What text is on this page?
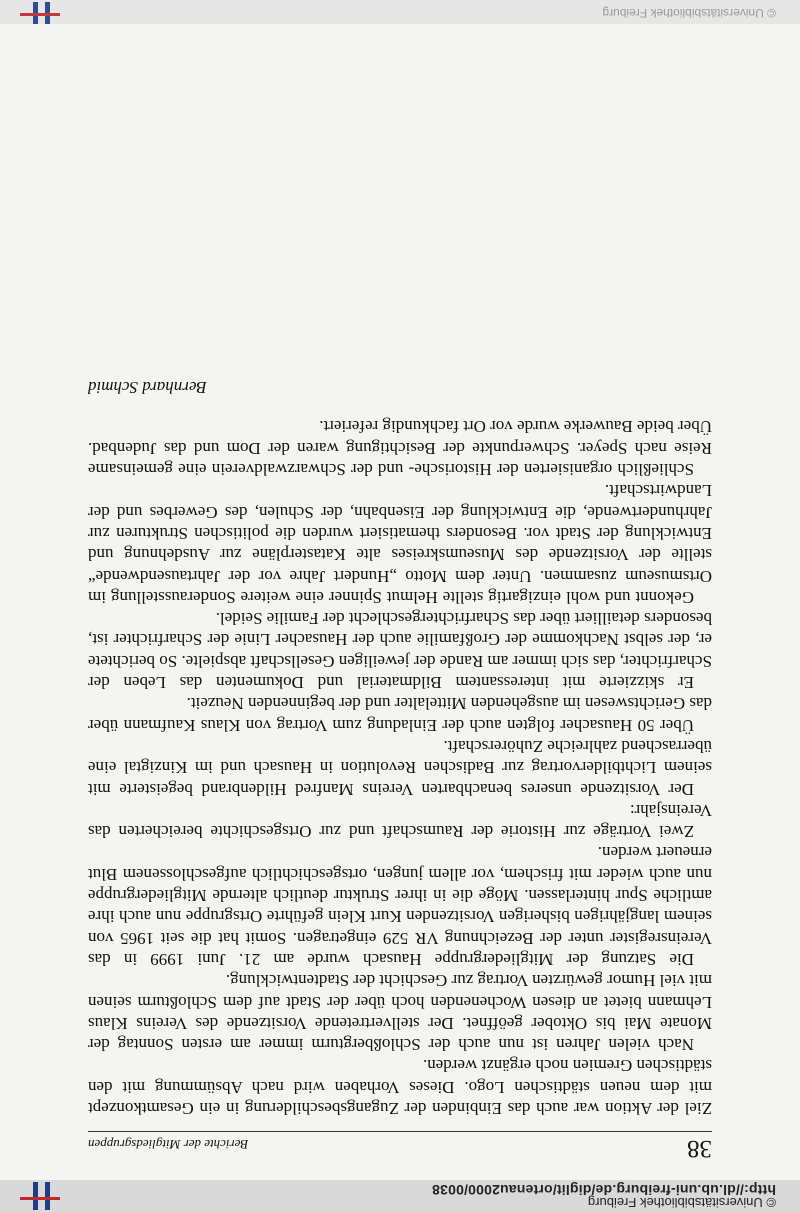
© Universitätsbibliothek Freiburg
http://dl.ub.uni-freiburg.de/diglit/ortenau2000/0038
38
Berichte der Mitgliedsgruppen

Ziel der Aktion war auch das Einbinden der Zugangsbeschilderung in ein Gesamtkonzept mit dem neuen städtischen Logo. Dieses Vorhaben wird nach Absümmung mit den städtischen Gremien noch ergänzt werden.

Nach vielen Jahren ist nun auch der Schloßbergturm immer am ersten Sonntag der Monate Mai bis Oktober geöffnet. Der stellvertretende Vorsitzende des Vereins Klaus Lehmann bietet an diesen Wochenenden hoch über der Stadt auf dem Schloßturm seinen mit viel Humor gewürzten Vortrag zur Geschicht der Stadtentwicklung.

Die Satzung der Mitgliedergruppe Hausach wurde am 21. Juni 1999 in das Vereinsregister unter der Bezeichnung VR 529 eingetragen. Somit hat die seit 1965 von seinem langjährigen bisherigen Vorsitzenden Kurt Klein geführte Ortsgruppe nun auch ihre amtliche Spur hinterlassen. Möge die in ihrer Struktur deutlich alternde Mitgliedergruppe nun auch wieder mit frischem, vor allem jungen, ortsgeschichtlich aufgeschlossenem Blut erneuert werden.

Zwei Vorträge zur Historie der Raumschaft und zur Ortsgeschichte bereicherten das Vereinsjahr:

Der Vorsitzende unseres benachbarten Vereins Manfred Hildenbrand begeisterte mit seinem Lichtbildervortrag zur Badischen Revolution in Hausach und im Kinzigtal eine überraschend zahlreiche Zuhörerschaft.

Über 50 Hausacher folgten auch der Einladung zum Vortrag von Klaus Kaufmann über das Gerichtswesen im ausgehenden Mittelalter und der beginnenden Neuzeit.

Er skizzierte mit interessantem Bildmaterial und Dokumenten das Leben der Scharfrichter, das sich immer am Rande der jeweiligen Gesellschaft abspielte. So berichtete er, der selbst Nachkomme der Großfamilie auch der Hausacher Linie der Scharfrichter ist, besonders detailliert über das Scharfrichtergeschlecht der Familie Seidel.

Gekonnt und wohl einzigartig stellte Helmut Spinner eine weitere Sonderausstellung im Ortsmuseum zusammen. Unter dem Motto „Hundert Jahre vor der Jahrtausendwende“ stellte der Vorsitzende des Museumskreises alte Katasterpläne zur Ausdehnung und Entwicklung der Stadt vor. Besonders thematisiert wurden die politischen Strukturen zur Jahrhundertwende, die Entwicklung der Eisenbahn, der Schulen, des Gewerbes und der Landwirtschaft.

Schließlich organisierten der Historische- und der Schwarzwaldverein eine gemeinsame Reise nach Speyer. Schwerpunkte der Besichtigung waren der Dom und das Judenbad. Über beide Bauwerke wurde vor Ort fachkundig referiert.

Bernhard Schmid
© Universitätsbibliothek Freiburg
